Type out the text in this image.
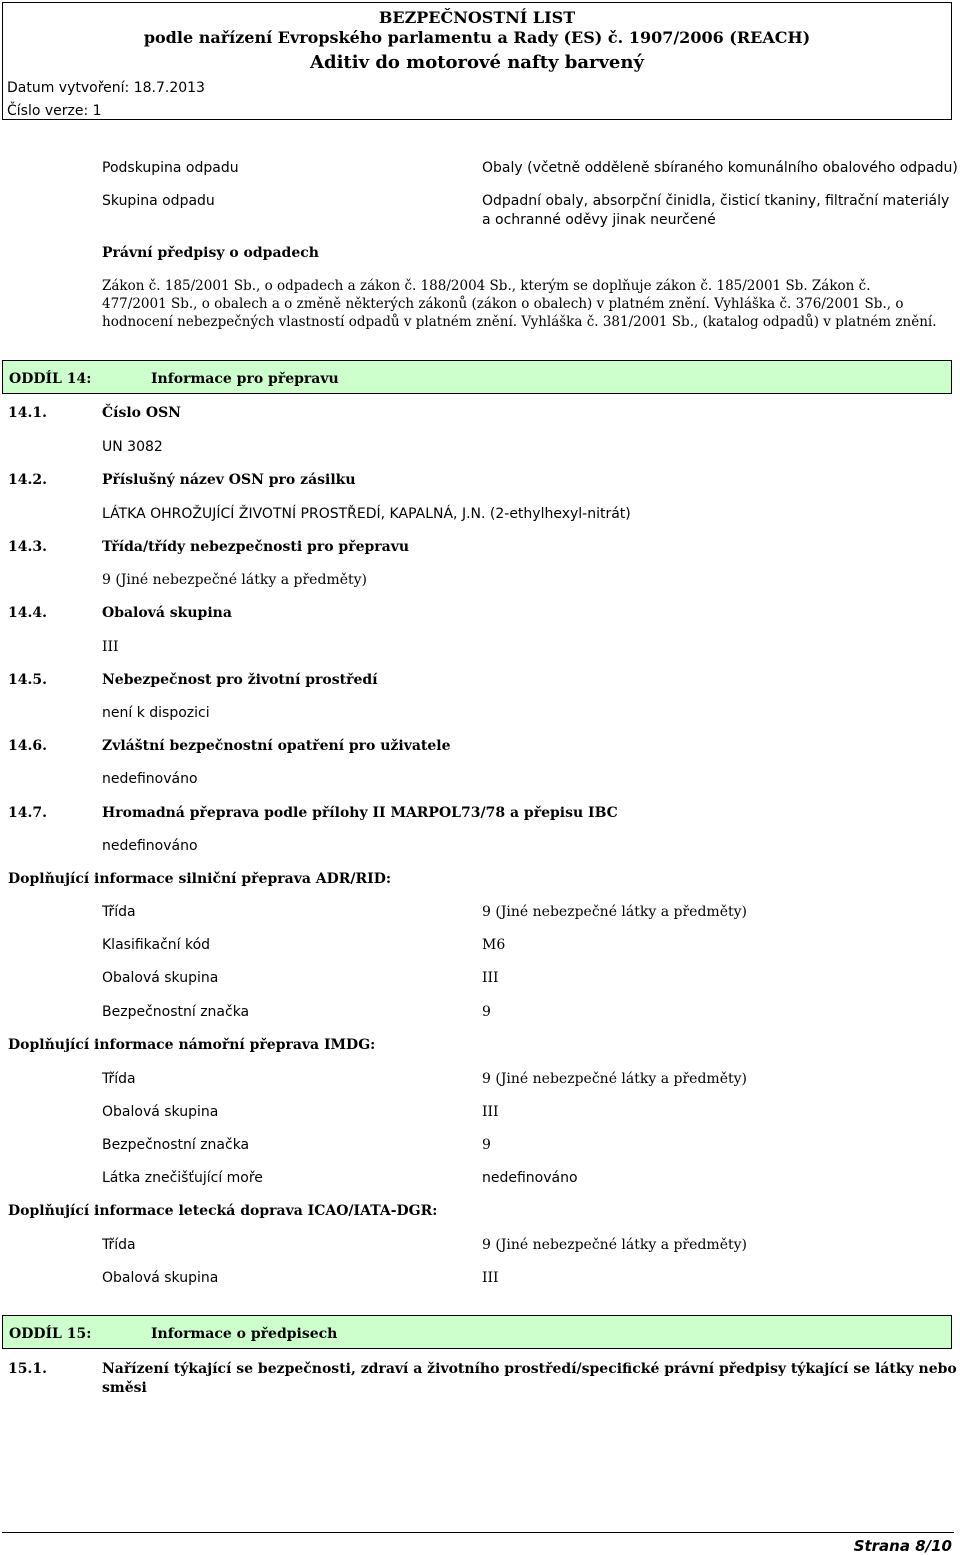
BEZPEČNOSTNÍ LIST
podle nařízení Evropského parlamentu a Rady (ES) č. 1907/2006 (REACH)
Aditiv do motorové nafty barvený
Datum vytvoření: 18.7.2013
Číslo verze: 1
Podskupina odpadu	Obaly (včetně odděleně sbíraného komunálního obalového odpadu)
Skupina odpadu	Odpadní obaly, absorpční činidla, čisticí tkaniny, filtrační materiály
a ochranné oděvy jinak neurčené
Právní předpisy o odpadech
Zákon č. 185/2001 Sb., o odpadech a zákon č. 188/2004 Sb., kterým se doplňuje zákon č. 185/2001 Sb. Zákon č.
477/2001 Sb., o obalech a o změně některých zákonů (zákon o obalech) v platném znění. Vyhláška č. 376/2001 Sb., o
hodnocení nebezpečných vlastností odpadů v platném znění. Vyhláška č. 381/2001 Sb., (katalog odpadů) v platném znění.
ODDÍL 14:	Informace pro přepravu
14.1.	Číslo OSN
UN 3082
14.2.	Příslušný název OSN pro zásilku
LÁTKA OHROŽUJÍCÍ ŽIVOTNÍ PROSTŘEDÍ, KAPALNÁ, J.N. (2-ethylhexyl-nitrát)
14.3.	Třída/třídy nebezpečnosti pro přepravu
9 (Jiné nebezpečné látky a předměty)
14.4.	Obalová skupina
III
14.5.	Nebezpečnost pro životní prostředí
není k dispozici
14.6.	Zvláštní bezpečnostní opatření pro uživatele
nedefinováno
14.7.	Hromadná přeprava podle přílohy II MARPOL73/78 a přepisu IBC
nedefinováno
Doplňující informace silniční přeprava ADR/RID:
Třída	9 (Jiné nebezpečné látky a předměty)
Klasifikační kód	M6
Obalová skupina	III
Bezpečnostní značka	9
Doplňující informace námořní přeprava IMDG:
Třída	9 (Jiné nebezpečné látky a předměty)
Obalová skupina	III
Bezpečnostní značka	9
Látka znečišťující moře	nedefinováno
Doplňující informace letecká doprava ICAO/IATA-DGR:
Třída	9 (Jiné nebezpečné látky a předměty)
Obalová skupina	III
ODDÍL 15:	Informace o předpisech
15.1.	Nařízení týkající se bezpečnosti, zdraví a životního prostředí/specifické právní předpisy týkající se látky nebo
směsi
Strana 8/10
